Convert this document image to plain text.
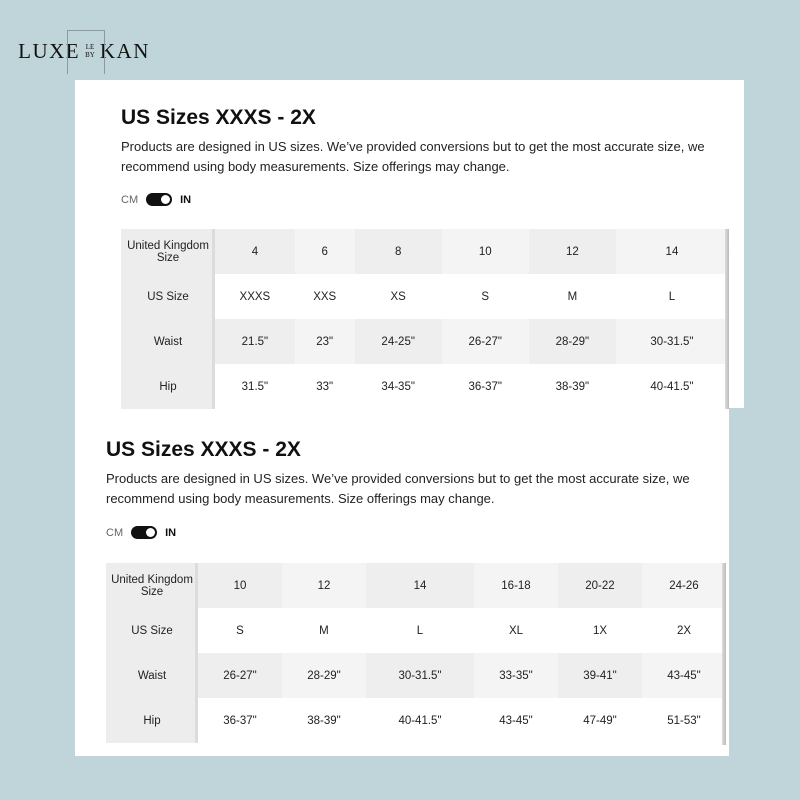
LUXE LE
BY KAN
US Sizes XXXS - 2X

Products are designed in US sizes. We’ve provided conversions but to get the most accurate size, we recommend using body measurements. Size offerings may change.

CM	IN
United Kingdom Size	4	6	8	10	12	14
US Size	XXXS	XXS	XS	S	M	L
Waist	21.5"	23"	24-25"	26-27"	28-29"	30-31.5"
Hip	31.5"	33"	34-35"	36-37"	38-39"	40-41.5"
US Sizes XXXS - 2X

Products are designed in US sizes. We’ve provided conversions but to get the most accurate size, we recommend using body measurements. Size offerings may change.

CM	IN
United Kingdom Size	10	12	14	16-18	20-22	24-26
US Size	S	M	L	XL	1X	2X
Waist	26-27"	28-29"	30-31.5"	33-35"	39-41"	43-45"
Hip	36-37"	38-39"	40-41.5"	43-45"	47-49"	51-53"
